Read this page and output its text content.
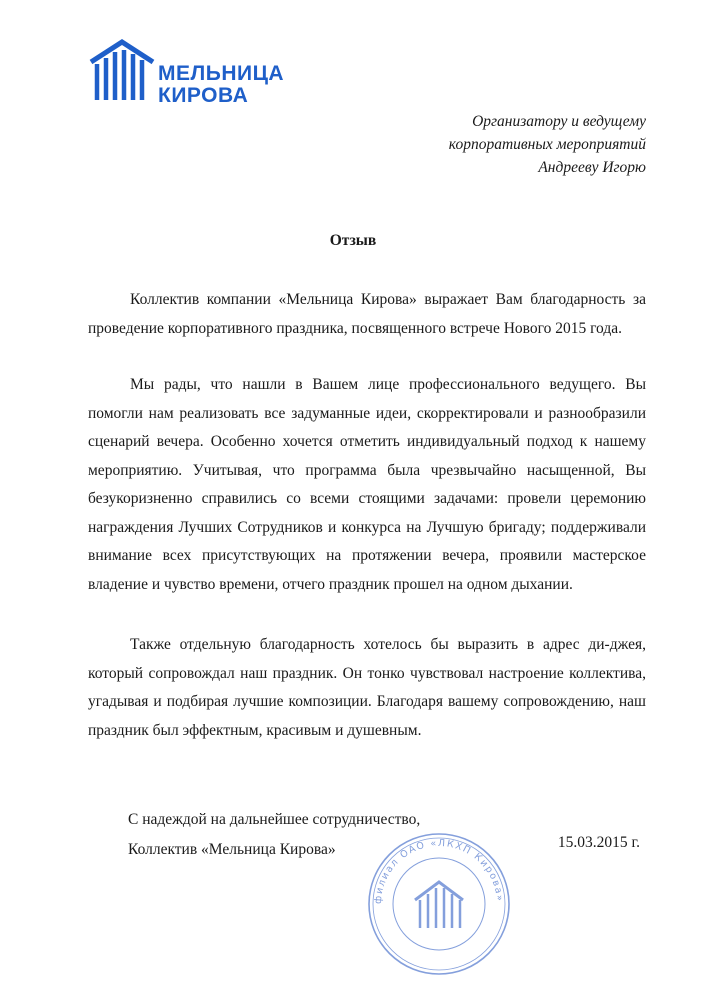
МЕЛЬНИЦА
КИРОВА
Организатору и ведущему
корпоративных мероприятий
Андрееву Игорю
Отзыв

Коллектив компании «Мельница Кирова» выражает Вам благодарность за проведение корпоративного праздника, посвященного встрече Нового 2015 года.

Мы рады, что нашли в Вашем лице профессионального ведущего. Вы помогли нам реализовать все задуманные идеи, скорректировали и разнообразили сценарий вечера. Особенно хочется отметить индивидуальный подход к нашему мероприятию. Учитывая, что программа была чрезвычайно насыщенной, Вы безукоризненно справились со всеми стоящими задачами: провели церемонию награждения Лучших Сотрудников и конкурса на Лучшую бригаду; поддерживали внимание всех присутствующих на протяжении вечера, проявили мастерское владение и чувство времени, отчего праздник прошел на одном дыхании.

Также отдельную благодарность хотелось бы выразить в адрес ди-джея, который сопровождал наш праздник. Он тонко чувствовал настроение коллектива, угадывая и подбирая лучшие композиции. Благодаря вашему сопровождению, наш праздник был эффектным, красивым и душевным.

С надеждой на дальнейшее сотрудничество,
Коллектив «Мельница Кирова»	15.03.2015 г.
филиал ОАО «ЛКХП Кирова»
